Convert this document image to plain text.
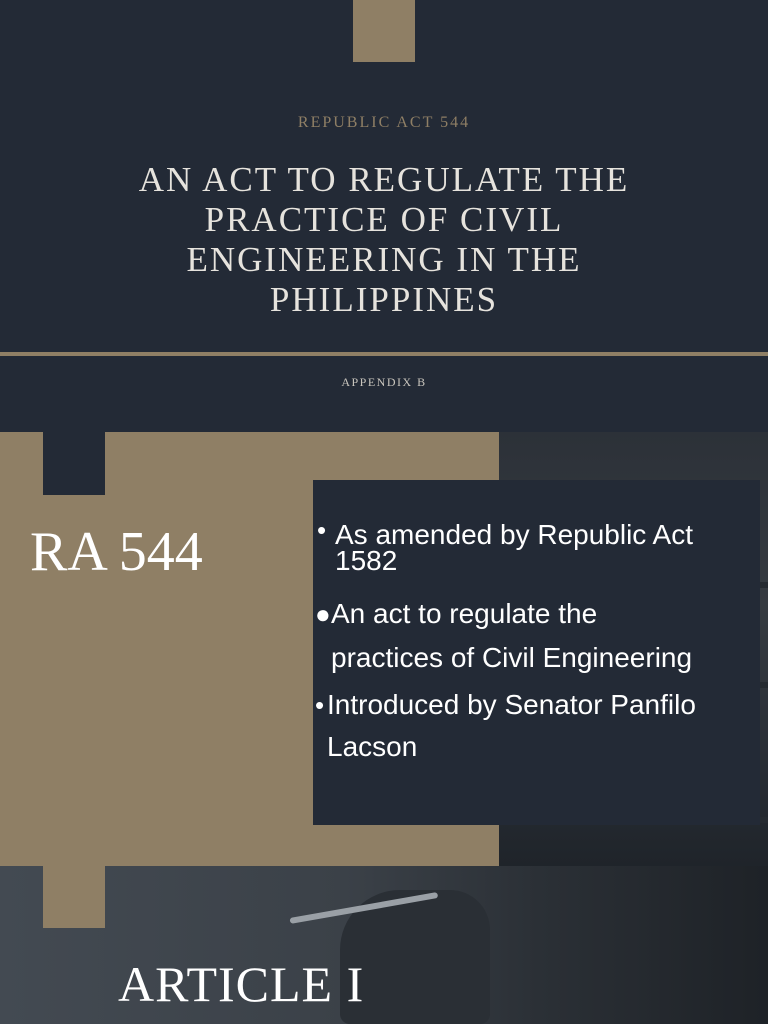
REPUBLIC ACT 544
AN ACT TO REGULATE THE
PRACTICE OF CIVIL
ENGINEERING IN THE
PHILIPPINES
APPENDIX B
RA 544	• As amended by Republic Act
1582
● An act to regulate the
practices of Civil Engineering
• Introduced by Senator Panfilo
Lacson
ARTICLE I
